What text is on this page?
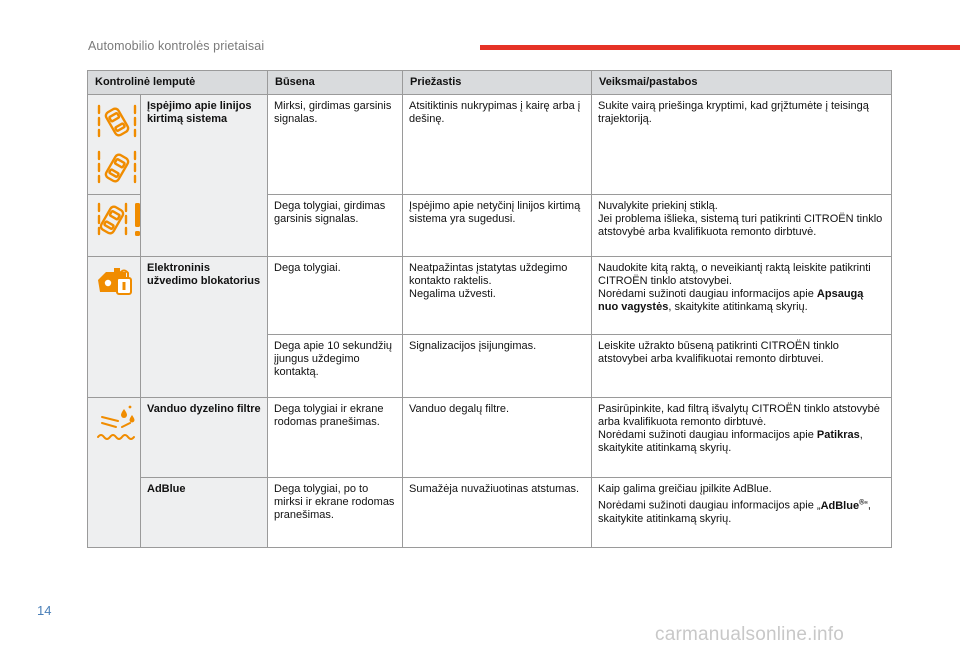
Automobilio kontrolės prietaisai
Kontrolinė lemputė		Būsena	Priežastis	Veiksmai/pastabos

	Įspėjimo apie linijos kirtimą sistema	Mirksi, girdimas garsinis signalas.	Atsitiktinis nukrypimas į kairę arba į dešinę.	Sukite vairą priešinga kryptimi, kad grįžtumėte į teisingą trajektoriją.

	Dega tolygiai, girdimas garsinis signalas.	Įspėjimo apie netyčinį linijos kirtimą sistema yra sugedusi.	Nuvalykite priekinį stiklą.
Jei problema išlieka, sistemą turi patikrinti CITROËN tinklo atstovybė arba kvalifikuota remonto dirbtuvė.

	Elektroninis užvedimo blokatorius	Dega tolygiai.	Neatpažintas įstatytas uždegimo kontakto raktelis.
Negalima užvesti.	Naudokite kitą raktą, o neveikiantį raktą leiskite patikrinti CITROËN tinklo atstovybei.
Norėdami sužinoti daugiau informacijos apie Apsaugą nuo vagystės, skaitykite atitinkamą skyrių.
		Dega apie 10 sekundžių įjungus uždegimo kontaktą.	Signalizacijos įsijungimas.	Leiskite užrakto būseną patikrinti CITROËN tinklo atstovybei arba kvalifikuotai remonto dirbtuvei.

	Vanduo dyzelino filtre	Dega tolygiai ir ekrane rodomas pranešimas.	Vanduo degalų filtre.	Pasirūpinkite, kad filtrą išvalytų CITROËN tinklo atstovybė arba kvalifikuota remonto dirbtuvė.
Norėdami sužinoti daugiau informacijos apie Patikras, skaitykite atitinkamą skyrių.
	AdBlue	Dega tolygiai, po to mirksi ir ekrane rodomas pranešimas.	Sumažėja nuvažiuotinas atstumas.	Kaip galima greičiau įpilkite AdBlue.
Norėdami sužinoti daugiau informacijos apie „AdBlue®“, skaitykite atitinkamą skyrių.
14
carmanualsonline.info
